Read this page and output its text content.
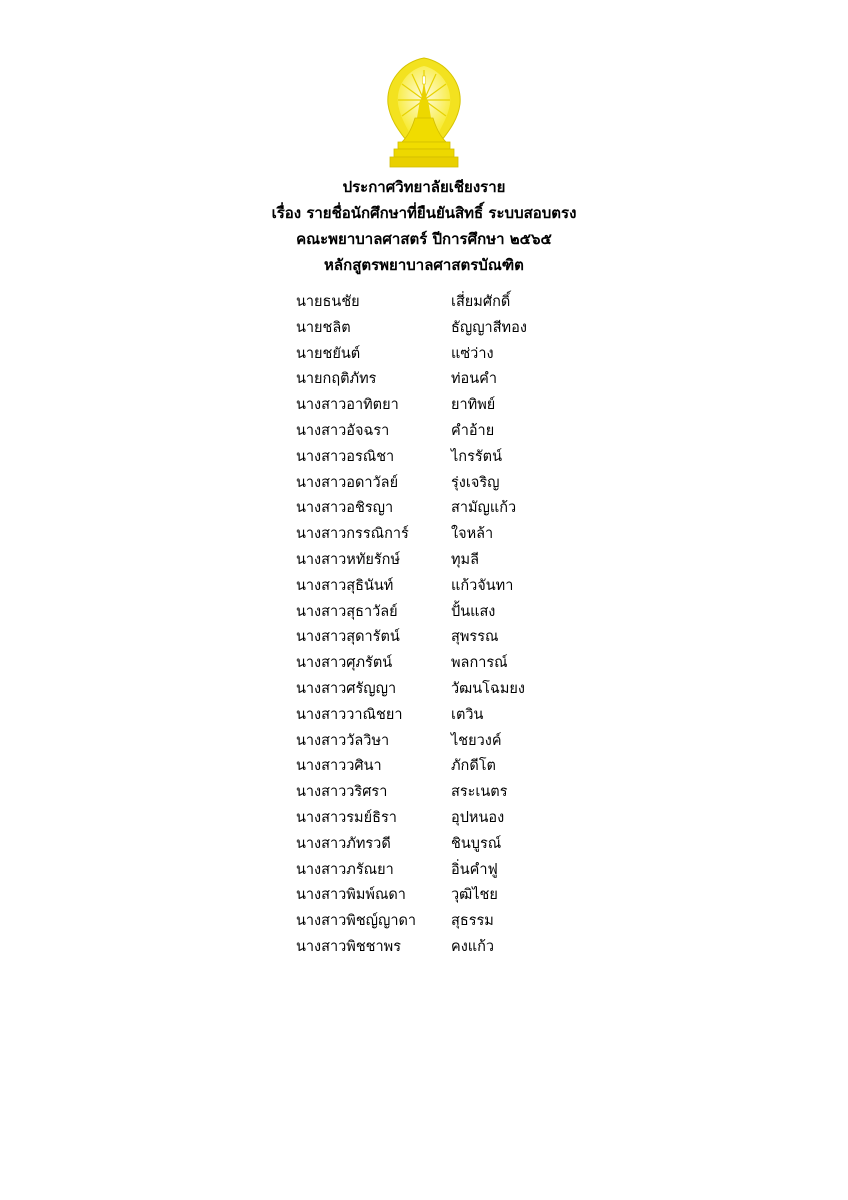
ประกาศวิทยาลัยเชียงราย
เรื่อง รายชื่อนักศึกษาที่ยืนยันสิทธิ์ ระบบสอบตรง
คณะพยาบาลศาสตร์ ปีการศึกษา ๒๕๖๕
หลักสูตรพยาบาลศาสตรบัณฑิต
นายธนชัย	เสี่ยมศักดิ์
นายชลิต	ธัญญาสีทอง
นายชยันต์	แซ่ว่าง
นายกฤติภัทร	ท่อนคำ
นางสาวอาทิตยา	ยาทิพย์
นางสาวอัจฉรา	คำอ้าย
นางสาวอรณิชา	ไกรรัตน์
นางสาวอดาวัลย์	รุ่งเจริญ
นางสาวอชิรญา	สามัญแก้ว
นางสาวกรรณิการ์	ใจหล้า
นางสาวหทัยรักษ์	ทุมลี
นางสาวสุธินันท์	แก้วจันทา
นางสาวสุธาวัลย์	ปั้นแสง
นางสาวสุดารัตน์	สุพรรณ
นางสาวศุภรัตน์	พลการณ์
นางสาวศรัญญา	วัฒนโฉมยง
นางสาววาณิชยา	เตวิน
นางสาววัลวิษา	ไชยวงค์
นางสาววศินา	ภักดีโต
นางสาววริศรา	สระเนตร
นางสาวรมย์ธิรา	อุปหนอง
นางสาวภัทรวดี	ชินบูรณ์
นางสาวภรัณยา	อิ่นคำฟู
นางสาวพิมพ์ณดา	วุฒิไชย
นางสาวพิชญ์ญาดา	สุธรรม
นางสาวพิชชาพร	คงแก้ว
